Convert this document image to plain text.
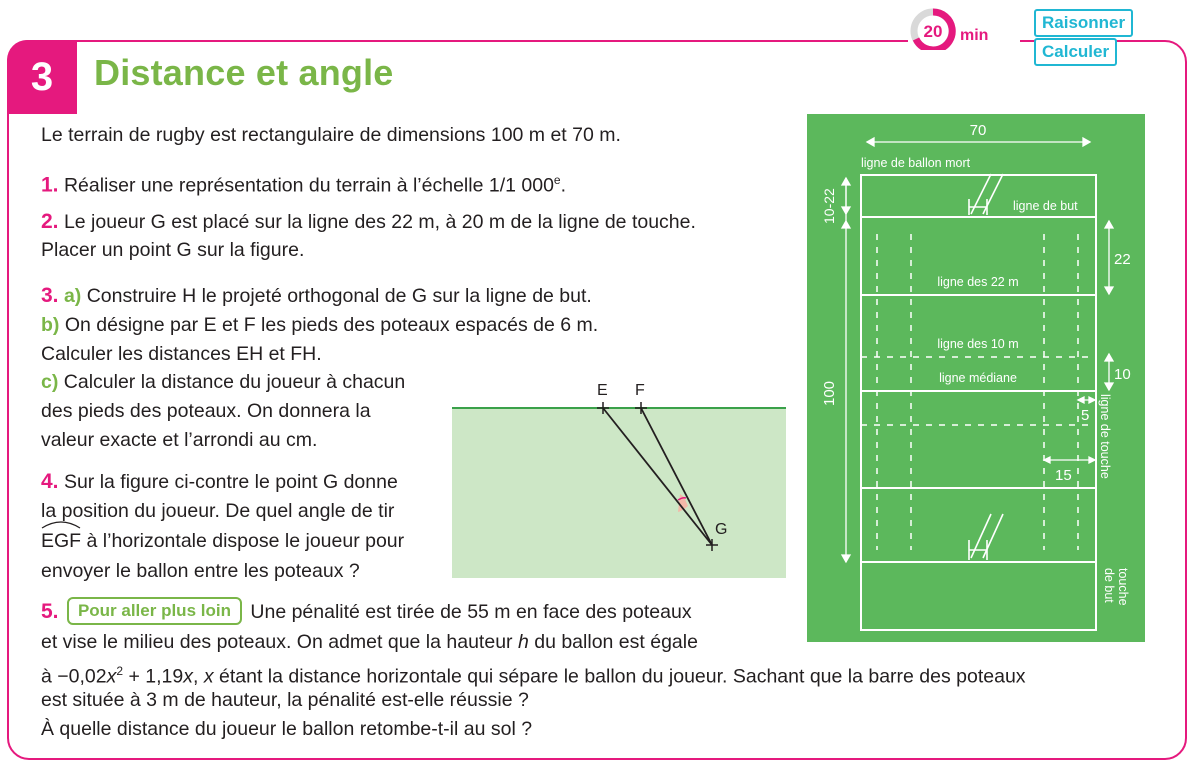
3	Distance et angle
20 min
Raisonner
Calculer
Le terrain de rugby est rectangulaire de dimensions 100 m et 70 m.
1. Réaliser une représentation du terrain à l’échelle 1/1 000e.
2. Le joueur G est placé sur la ligne des 22 m, à 20 m de la ligne de touche.
Placer un point G sur la figure.
3. a) Construire H le projeté orthogonal de G sur la ligne de but.
b) On désigne par E et F les pieds des poteaux espacés de 6 m.
Calculer les distances EH et FH.
c) Calculer la distance du joueur à chacun
des pieds des poteaux. On donnera la
valeur exacte et l’arrondi au cm.
4. Sur la figure ci-contre le point G donne
la position du joueur. De quel angle de tir
EGF à l’horizontale dispose le joueur pour
envoyer le ballon entre les poteaux ?
5. Pour aller plus loin Une pénalité est tirée de 55 m en face des poteaux
et vise le milieu des poteaux. On admet que la hauteur h du ballon est égale
à $-0,02x^2 + 1,19x$, x étant la distance horizontale qui sépare le ballon du joueur. Sachant que la barre des poteaux
est située à 3 m de hauteur, la pénalité est-elle réussie ?
À quelle distance du joueur le ballon retombe-t-il au sol ?
E F
G
70
ligne de ballon mort
ligne de but
ligne des 22 m
ligne des 10 m
ligne médiane
22
10
5
15
10-22
100
ligne de touche
touche
de but
